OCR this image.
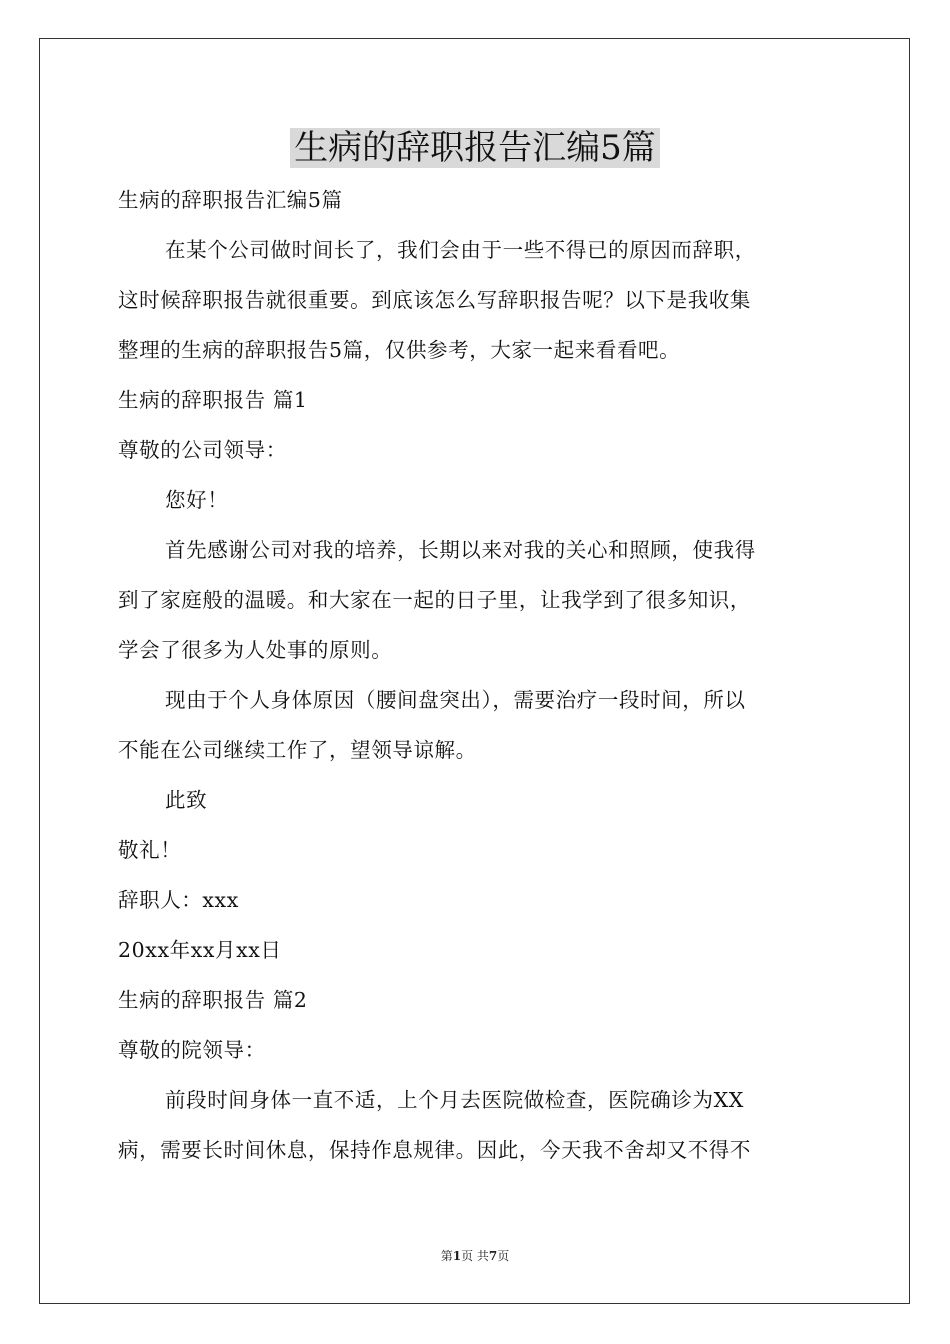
生病的辞职报告汇编5篇

生病的辞职报告汇编5篇

在某个公司做时间长了，我们会由于一些不得已的原因而辞职，

这时候辞职报告就很重要。到底该怎么写辞职报告呢？以下是我收集

整理的生病的辞职报告5篇，仅供参考，大家一起来看看吧。

生病的辞职报告 篇1

尊敬的公司领导：

您好！

首先感谢公司对我的培养，长期以来对我的关心和照顾，使我得

到了家庭般的温暖。和大家在一起的日子里，让我学到了很多知识，

学会了很多为人处事的原则。

现由于个人身体原因（腰间盘突出），需要治疗一段时间，所以

不能在公司继续工作了，望领导谅解。

此致

敬礼！

辞职人：xxx

20xx年xx月xx日

生病的辞职报告 篇2

尊敬的院领导：

前段时间身体一直不适，上个月去医院做检查，医院确诊为XX

病，需要长时间休息，保持作息规律。因此，今天我不舍却又不得不

第1页 共7页
